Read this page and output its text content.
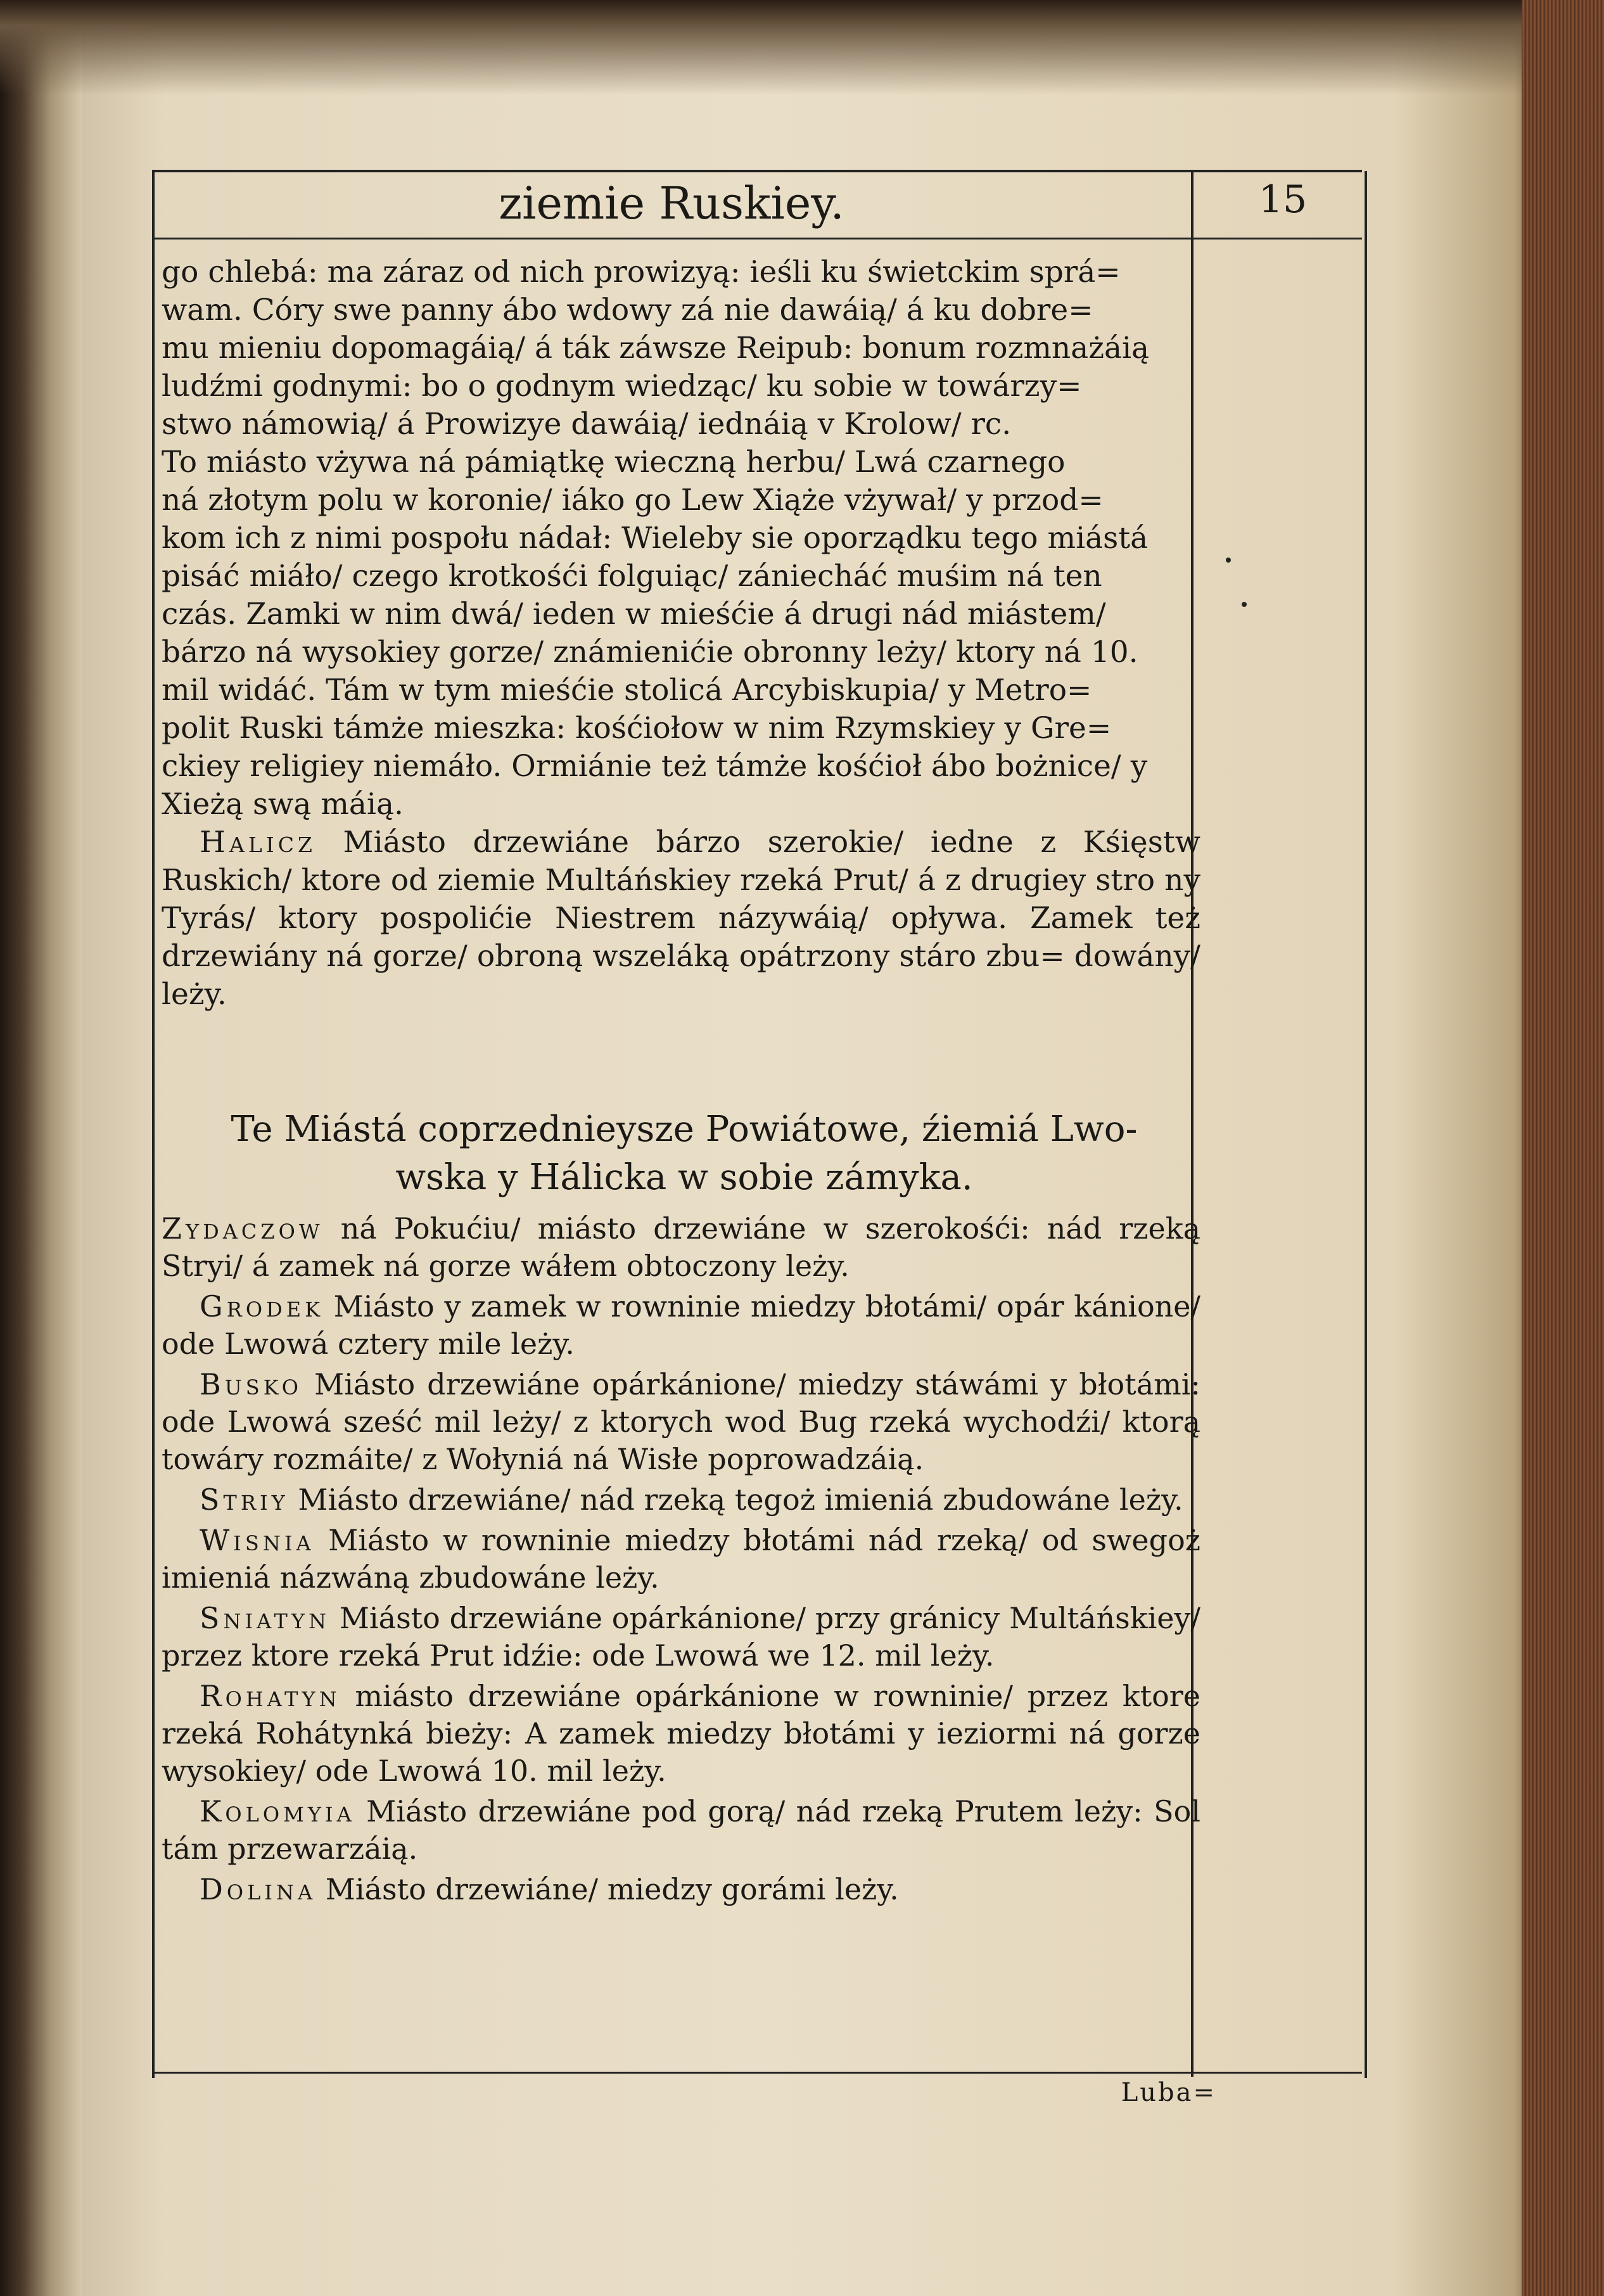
ziemie Ruskiey.	15

go chlebá: ma záraz od nich prowizyą: ieśli ku świetckim sprá=

wam. Córy swe panny ábo wdowy zá nie dawáią/ á ku dobre=

mu mieniu dopomagáią/ á ták záwsze Reipub: bonum rozmnażáią

ludźmi godnymi: bo o godnym wiedząc/ ku sobie w towárzy=

stwo námowią/ á Prowizye dawáią/ iednáią v Krolow/ rc.

To miásto vżywa ná pámiątkę wieczną herbu/ Lwá czarnego

ná złotym polu w koronie/ iáko go Lew Xiąże vżywał/ y przod=

kom ich z nimi pospołu nádał: Wieleby sie oporządku tego miástá

pisáć miáło/ czego krotkośći folguiąc/ zániecháć muśim ná ten

czás. Zamki w nim dwá/ ieden w mieśćie á drugi nád miástem/

bárzo ná wysokiey gorze/ známienićie obronny leży/ ktory ná 10.

mil widáć. Tám w tym mieśćie stolicá Arcybiskupia/ y Metro=

polit Ruski támże mieszka: kośćiołow w nim Rzymskiey y Gre=

ckiey religiey niemáło. Ormiánie też támże kośćioł ábo bożnice/ y

Xieżą swą máią.

Halicz Miásto drzewiáne bárzo szerokie/ iedne z Kśięstw Ruskich/ ktore od ziemie Multáńskiey rzeká Prut/ á z drugiey stro ny Tyrás/ ktory pospolićie Niestrem názywáią/ opływa. Zamek też drzewiány ná gorze/ obroną wszeláką opátrzony stáro zbu= dowány/ leży.

Te Miástá coprzednieysze Powiátowe, źiemiá Lwo-
wska y Hálicka w sobie zámyka.

Zydaczow ná Pokućiu/ miásto drzewiáne w szerokośći: nád rzeką Stryi/ á zamek ná gorze wáłem obtoczony leży.

Grodek Miásto y zamek w rowninie miedzy błotámi/ opár kánione/ ode Lwowá cztery mile leży.

Busko Miásto drzewiáne opárkánione/ miedzy stáwámi y błotámi: ode Lwowá sześć mil leży/ z ktorych wod Bug rzeká wychodźi/ ktorą towáry rozmáite/ z Wołyniá ná Wisłe poprowadzáią.

Striy Miásto drzewiáne/ nád rzeką tegoż imieniá zbudowáne leży.

Wisnia Miásto w rowninie miedzy błotámi nád rzeką/ od swegoż imieniá názwáną zbudowáne leży.

Sniatyn Miásto drzewiáne opárkánione/ przy gránicy Multáńskiey/ przez ktore rzeká Prut idźie: ode Lwowá we 12. mil leży.

Rohatyn miásto drzewiáne opárkánione w rowninie/ przez ktore rzeká Rohátynká bieży: A zamek miedzy błotámi y ieziormi ná gorze wysokiey/ ode Lwowá 10. mil leży.

Kolomyia Miásto drzewiáne pod gorą/ nád rzeką Prutem leży: Sol tám przewarzáią.

Dolina Miásto drzewiáne/ miedzy gorámi leży.

Luba=
